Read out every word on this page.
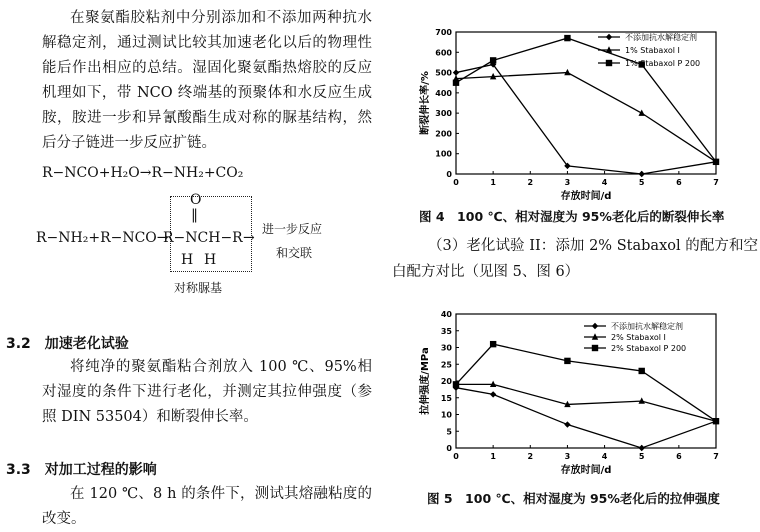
在聚氨酯胶粘剂中分别添加和不添加两种抗水解稳定剂，通过测试比较其加速老化以后的物理性能后作出相应的总结。湿固化聚氨酯热熔胶的反应机理如下，带 NCO 终端基的预聚体和水反应生成胺，胺进一步和异氰酸酯生成对称的脲基结构，然后分子链进一步反应扩链。

R−NCO+H₂O→R−NH₂+CO₂
O
‖
R−NH₂+R−NCO→
R−NCH−R →
H H
进一步反应
和交联
对称脲基
3.2　加速老化试验

将纯净的聚氨酯粘合剂放入 100 ℃、95%相对湿度的条件下进行老化，并测定其拉伸强度（参照 DIN 53504）和断裂伸长率。

3.3　对加工过程的影响

在 120 ℃、8 h 的条件下，测试其熔融粘度的改变。

0
100
200
300
400
500
600
700
0	1	2	3	4	5	6	7
存放时间/d
断裂伸长率/%
不添加抗水解稳定剂
1% Stabaxol I
1% Stabaxol P 200
图 4　100 ℃、相对湿度为 95%老化后的断裂伸长率

（3）老化试验 II：添加 2% Stabaxol 的配方和空白配方对比（见图 5、图 6）

0
5
10
15
20
25
30
35
40
0	1	2	3	4	5	6	7
存放时间/d
拉伸强度/MPa
不添加抗水解稳定剂
2% Stabaxol I
2% Stabaxol P 200
图 5　100 ℃、相对湿度为 95%老化后的拉伸强度
